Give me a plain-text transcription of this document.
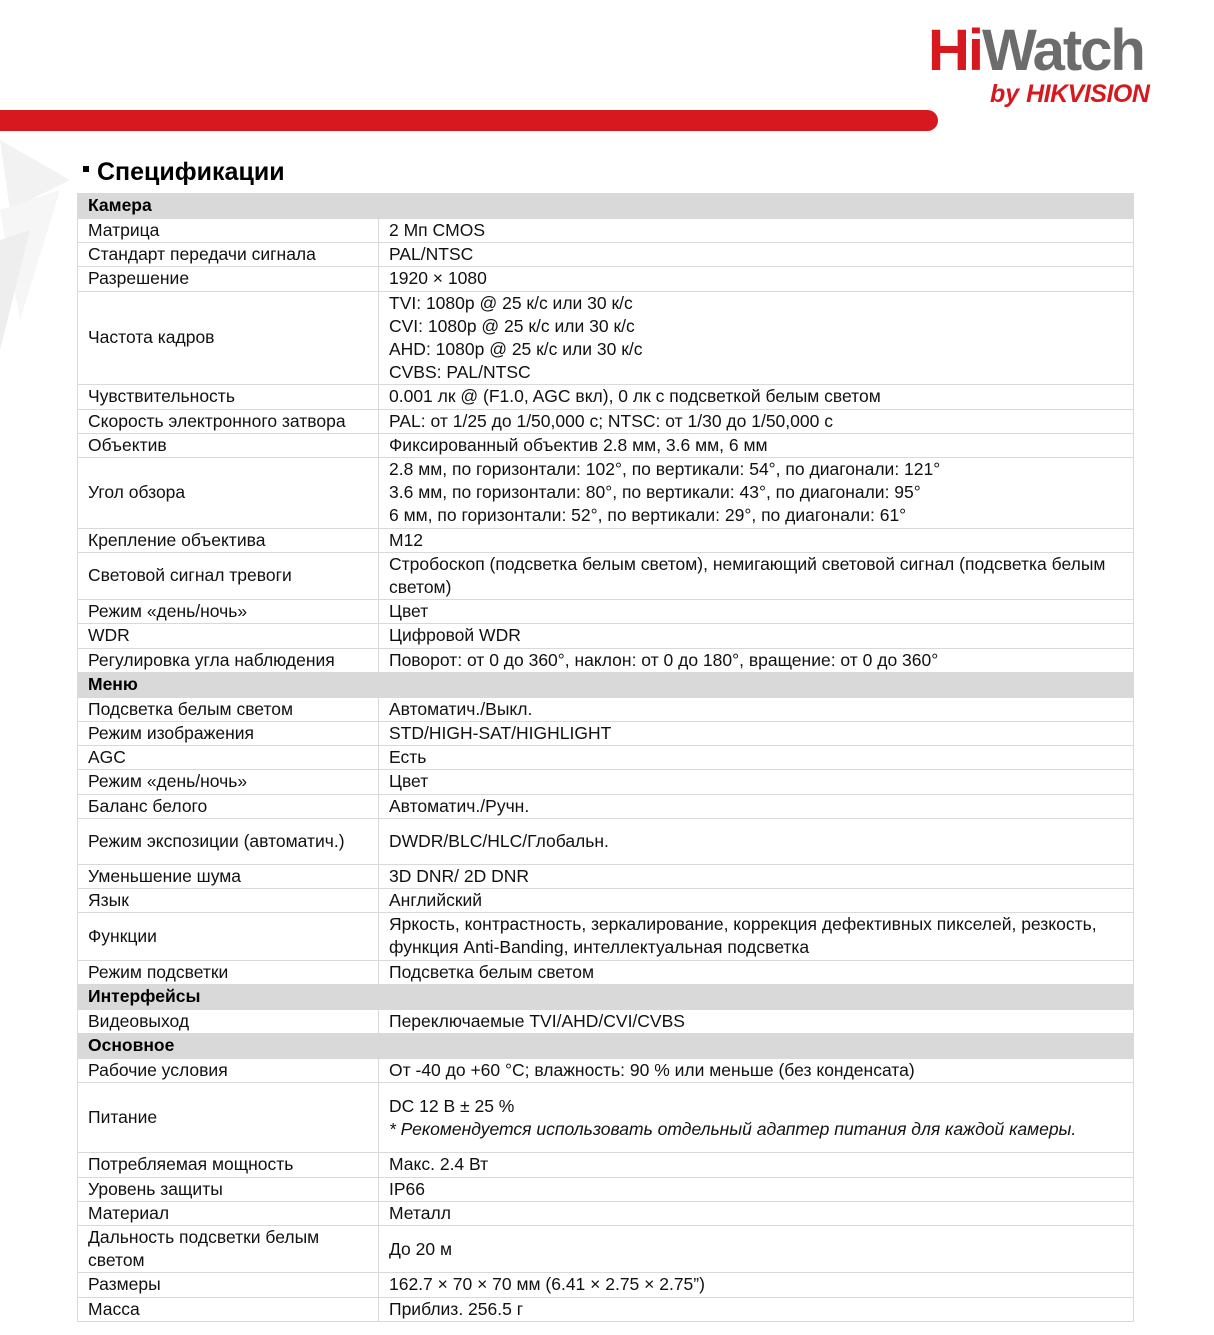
HiWatch
by HIKVISION
Спецификации
Камера	
Матрица	2 Мп CMOS

Стандарт передачи сигнала	PAL/NTSC

Разрешение	1920 × 1080

Частота кадров	TVI: 1080p @ 25 к/с или 30 к/с
CVI: 1080p @ 25 к/с или 30 к/с
AHD: 1080p @ 25 к/с или 30 к/с
CVBS: PAL/NTSC

Чувствительность	0.001 лк @ (F1.0, AGC вкл), 0 лк с подсветкой белым светом

Скорость электронного затвора	PAL: от 1/25 до 1/50,000 с; NTSC: от 1/30 до 1/50,000 с

Объектив	Фиксированный объектив 2.8 мм, 3.6 мм, 6 мм

Угол обзора	2.8 мм, по горизонтали: 102°, по вертикали: 54°, по диагонали: 121°
3.6 мм, по горизонтали: 80°, по вертикали: 43°, по диагонали: 95°
6 мм, по горизонтали: 52°, по вертикали: 29°, по диагонали: 61°

Крепление объектива	M12

Световой сигнал тревоги	Стробоскоп (подсветка белым светом), немигающий световой сигнал (подсветка белым светом)

Режим «день/ночь»	Цвет

WDR	Цифровой WDR

Регулировка угла наблюдения	Поворот: от 0 до 360°, наклон: от 0 до 180°, вращение: от 0 до 360°

Меню	
Подсветка белым светом	Автоматич./Выкл.

Режим изображения	STD/HIGH-SAT/HIGHLIGHT

AGC	Есть

Режим «день/ночь»	Цвет

Баланс белого	Автоматич./Ручн.

Режим экспозиции (автоматич.)	DWDR/BLC/HLC/Глобальн.

Уменьшение шума	3D DNR/ 2D DNR

Язык	Английский

Функции	Яркость, контрастность, зеркалирование, коррекция дефективных пикселей, резкость, функция Anti-Banding, интеллектуальная подсветка

Режим подсветки	Подсветка белым светом

Интерфейсы	
Видеовыход	Переключаемые TVI/AHD/CVI/CVBS

Основное	
Рабочие условия	От -40 до +60 °C; влажность: 90 % или меньше (без конденсата)

Питание	DC 12 В ± 25 %
* Рекомендуется использовать отдельный адаптер питания для каждой камеры.

Потребляемая мощность	Макс. 2.4 Вт

Уровень защиты	IP66

Материал	Металл

Дальность подсветки белым светом	До 20 м

Размеры	162.7 × 70 × 70 мм (6.41 × 2.75 × 2.75”)

Масса	Приблиз. 256.5 г
